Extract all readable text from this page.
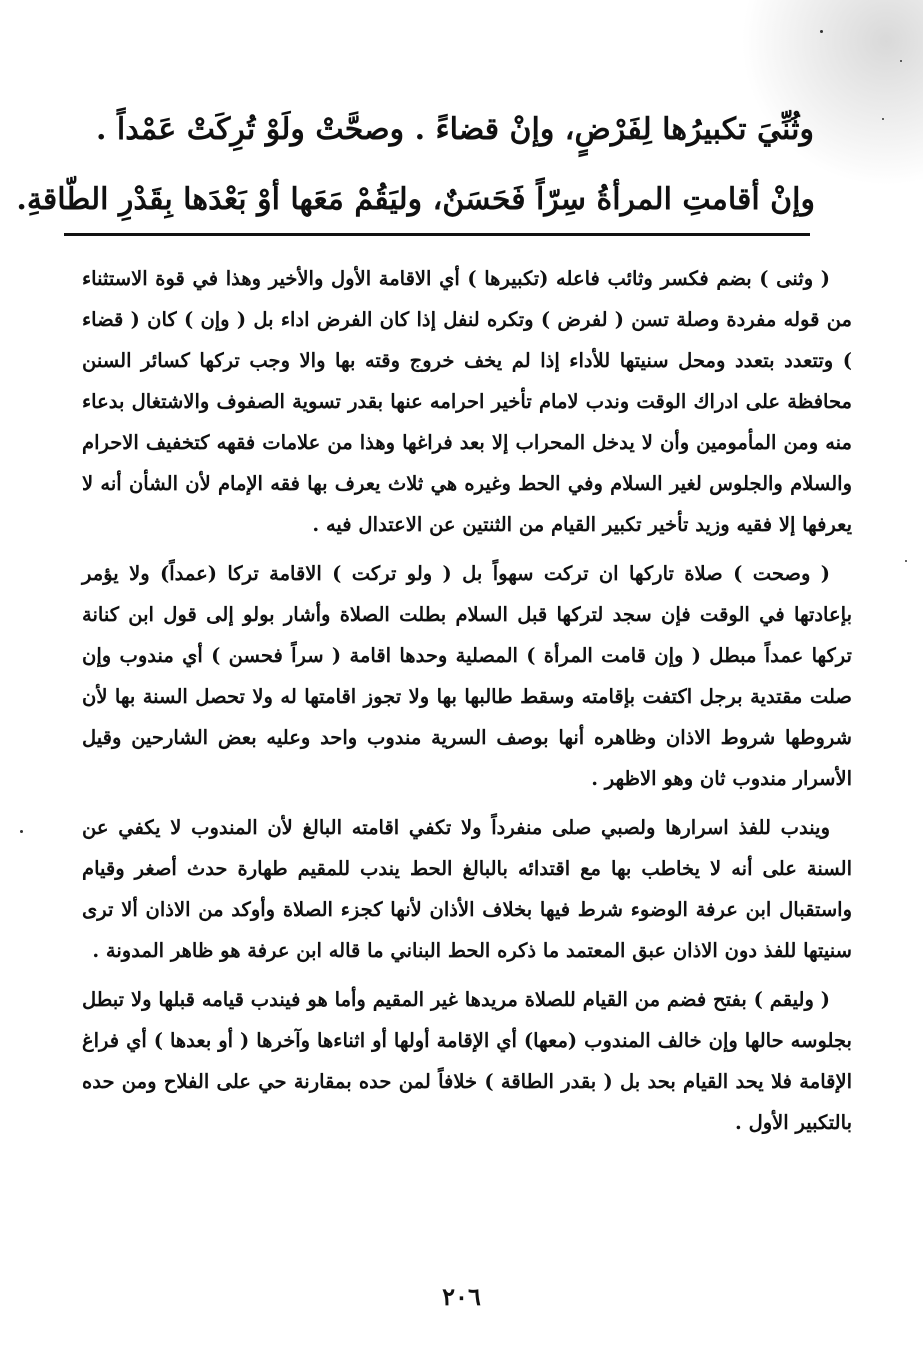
وثُنِّيَ تكبيرُها لِفَرْضٍ، وإنْ قضاءً . وصحَّتْ ولَوْ تُرِكَتْ عَمْداً .
وإنْ أقامتِ المرأةُ سِرّاً فَحَسَنٌ، وليَقُمْ مَعَها أوْ بَعْدَها بِقَدْرِ الطّاقةِ.

( وثنى ) بضم فكسر وثائب فاعله (تكبيرها ) أي الاقامة الأول والأخير وهذا في قوة الاستثناء من قوله مفردة وصلة تسن ( لفرض ) وتكره لنفل إذا كان الفرض اداء بل ( وإن ) كان ( قضاء ) وتتعدد بتعدد ومحل سنيتها للأداء إذا لم يخف خروج وقته بها والا وجب تركها كسائر السنن محافظة على ادراك الوقت وندب لامام تأخير احرامه عنها بقدر تسوية الصفوف والاشتغال بدعاء منه ومن المأمومين وأن لا يدخل المحراب إلا بعد فراغها وهذا من علامات فقهه كتخفيف الاحرام والسلام والجلوس لغير السلام وفي الحط وغيره هي ثلاث يعرف بها فقه الإمام لأن الشأن أنه لا يعرفها إلا فقيه وزيد تأخير تكبير القيام من الثنتين عن الاعتدال فيه .

( وصحت ) صلاة تاركها ان تركت سهواً بل ( ولو تركت ) الاقامة تركا (عمداً) ولا يؤمر بإعادتها في الوقت فإن سجد لتركها قبل السلام بطلت الصلاة وأشار بولو إلى قول ابن كنانة تركها عمداً مبطل ( وإن قامت المرأة ) المصلية وحدها اقامة ( سراً فحسن ) أي مندوب وإن صلت مقتدية برجل اكتفت بإقامته وسقط طالبها بها ولا تجوز اقامتها له ولا تحصل السنة بها لأن شروطها شروط الاذان وظاهره أنها بوصف السرية مندوب واحد وعليه بعض الشارحين وقيل الأسرار مندوب ثان وهو الاظهر .

ويندب للفذ اسرارها ولصبي صلى منفرداً ولا تكفي اقامته البالغ لأن المندوب لا يكفي عن السنة على أنه لا يخاطب بها مع اقتدائه بالبالغ الحط يندب للمقيم طهارة حدث أصغر وقيام واستقبال ابن عرفة الوضوء شرط فيها بخلاف الأذان لأنها كجزء الصلاة وأوكد من الاذان ألا ترى سنيتها للفذ دون الاذان عبق المعتمد ما ذكره الحط البناني ما قاله ابن عرفة هو ظاهر المدونة .

( وليقم ) بفتح فضم من القيام للصلاة مريدها غير المقيم وأما هو فيندب قيامه قبلها ولا تبطل بجلوسه حالها وإن خالف المندوب (معها) أي الإقامة أولها أو اثناءها وآخرها ( أو بعدها ) أي فراغ الإقامة فلا يحد القيام بحد بل ( بقدر الطاقة ) خلافاً لمن حده بمقارنة حي على الفلاح ومن حده بالتكبير الأول .

٢٠٦
